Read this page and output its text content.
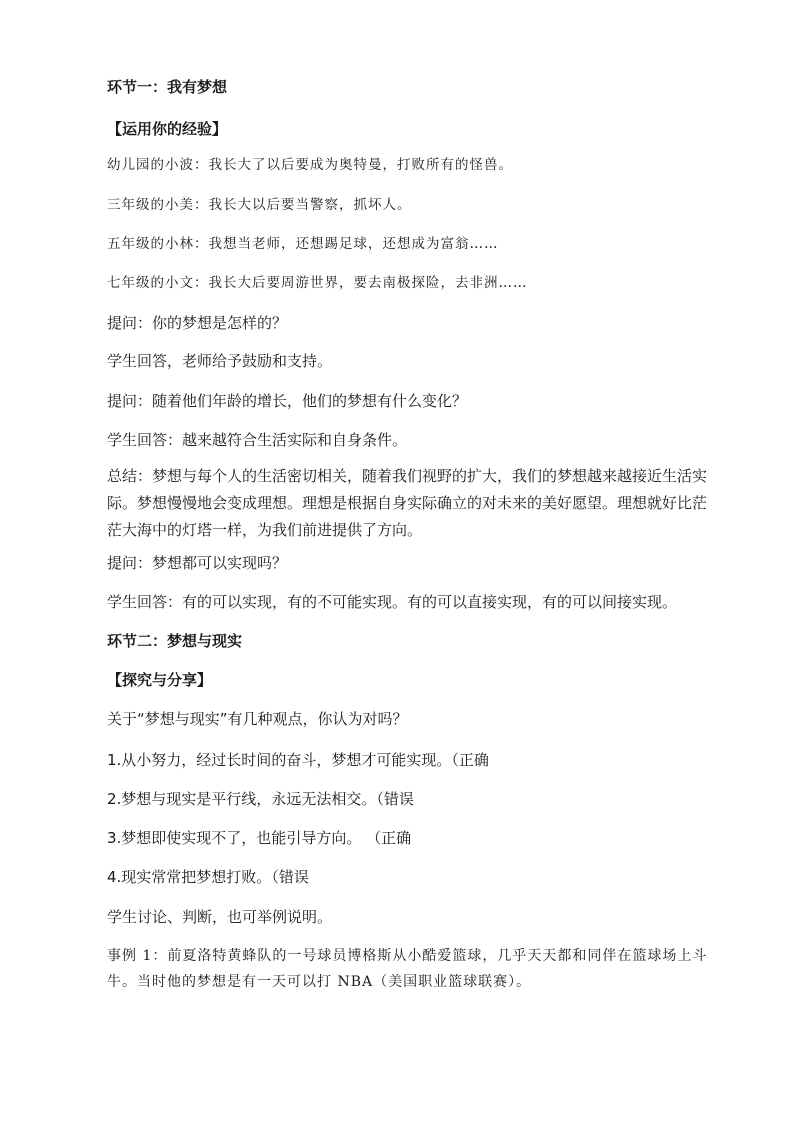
环节一：我有梦想
【运用你的经验】
幼儿园的小波：我长大了以后要成为奥特曼，打败所有的怪兽。
三年级的小美：我长大以后要当警察，抓坏人。
五年级的小林：我想当老师，还想踢足球，还想成为富翁……
七年级的小文：我长大后要周游世界，要去南极探险，去非洲……
提问：你的梦想是怎样的？
学生回答，老师给予鼓励和支持。
提问：随着他们年龄的增长，他们的梦想有什么变化？
学生回答：越来越符合生活实际和自身条件。
总结：梦想与每个人的生活密切相关，随着我们视野的扩大，我们的梦想越来越接近生活实际。梦想慢慢地会变成理想。理想是根据自身实际确立的对未来的美好愿望。理想就好比茫茫大海中的灯塔一样，为我们前进提供了方向。
提问：梦想都可以实现吗？
学生回答：有的可以实现，有的不可能实现。有的可以直接实现，有的可以间接实现。
环节二：梦想与现实
【探究与分享】
关于“梦想与现实”有几种观点，你认为对吗？
1.从小努力，经过长时间的奋斗，梦想才可能实现。（正确
2.梦想与现实是平行线，永远无法相交。（错误
3.梦想即使实现不了，也能引导方向。 （正确
4.现实常常把梦想打败。（错误
学生讨论、判断，也可举例说明。
事例 1：前夏洛特黄蜂队的一号球员博格斯从小酷爱篮球，几乎天天都和同伴在篮球场上斗牛。当时他的梦想是有一天可以打 NBA（美国职业篮球联赛）。
